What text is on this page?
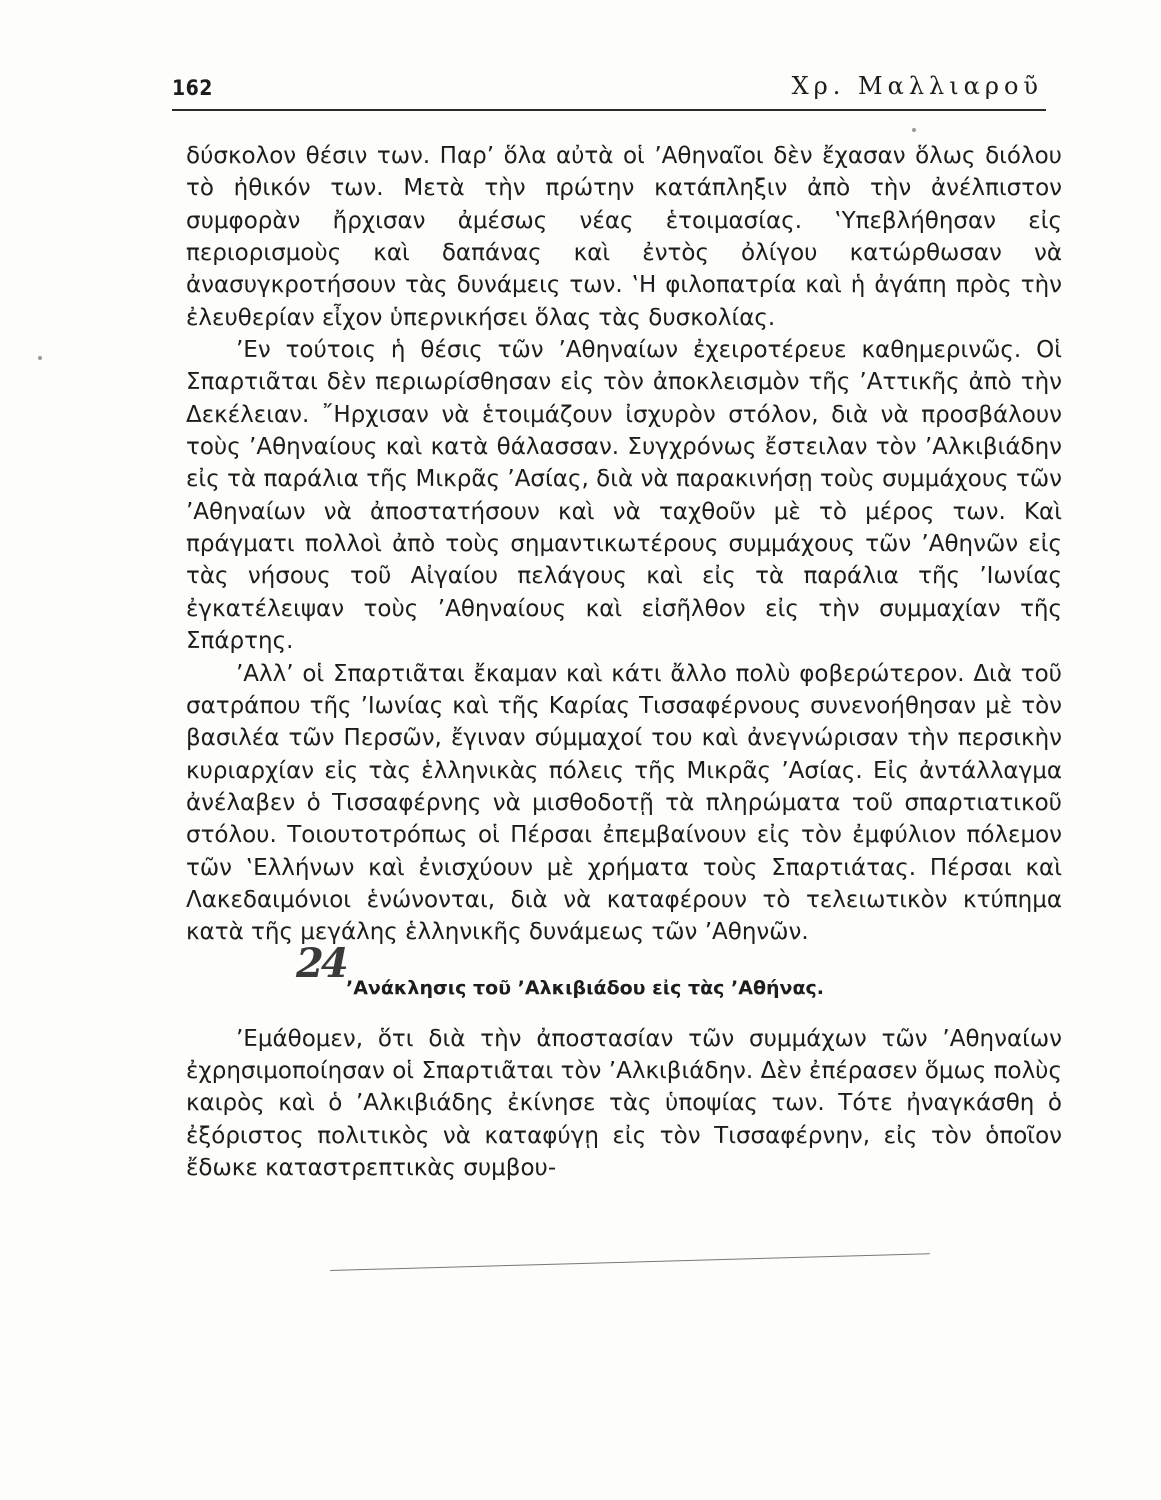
162	Χρ. Μαλλιαροῦ

δύσκολον θέσιν των. Παρ’ ὅλα αὐτὰ οἱ ’Αθηναῖοι δὲν ἔχασαν ὅλως διόλου τὸ ἠθικόν των. Μετὰ τὴν πρώτην κατάπληξιν ἀπὸ τὴν ἀνέλπιστον συμφορὰν ἤρχισαν ἀμέσως νέας ἑτοιμασίας. ‛Υπεβλήθησαν εἰς περιορισμοὺς καὶ δαπάνας καὶ ἐντὸς ὀλίγου κατώρθωσαν νὰ ἀνασυγκροτήσουν τὰς δυνάμεις των. ‛Η φιλοπατρία καὶ ἡ ἀγάπη πρὸς τὴν ἐλευθερίαν εἶχον ὑπερνικήσει ὅλας τὰς δυσκολίας.

’Εν τούτοις ἡ θέσις τῶν ’Αθηναίων ἐχειροτέρευε καθημερινῶς. Οἱ Σπαρτιᾶται δὲν περιωρίσθησαν εἰς τὸν ἀποκλεισμὸν τῆς ’Αττικῆς ἀπὸ τὴν Δεκέλειαν. ῎Ηρχισαν νὰ ἑτοιμάζουν ἰσχυρὸν στόλον, διὰ νὰ προσβάλουν τοὺς ’Αθηναίους καὶ κατὰ θάλασσαν. Συγχρόνως ἔστειλαν τὸν ’Αλκιβιάδην εἰς τὰ παράλια τῆς Μικρᾶς ’Ασίας, διὰ νὰ παρακινήσῃ τοὺς συμμάχους τῶν ’Αθηναίων νὰ ἀποστατήσουν καὶ νὰ ταχθοῦν μὲ τὸ μέρος των. Καὶ πράγματι πολλοὶ ἀπὸ τοὺς σημαντικωτέρους συμμάχους τῶν ’Αθηνῶν εἰς τὰς νήσους τοῦ Αἰγαίου πελάγους καὶ εἰς τὰ παράλια τῆς ’Ιωνίας ἐγκατέλειψαν τοὺς ’Αθηναίους καὶ εἰσῆλθον εἰς τὴν συμμαχίαν τῆς Σπάρτης.

’Αλλ’ οἱ Σπαρτιᾶται ἔκαμαν καὶ κάτι ἄλλο πολὺ φοβερώτερον. Διὰ τοῦ σατράπου τῆς ’Ιωνίας καὶ τῆς Καρίας Τισσαφέρνους συνενοήθησαν μὲ τὸν βασιλέα τῶν Περσῶν, ἔγιναν σύμμαχοί του καὶ ἀνεγνώρισαν τὴν περσικὴν κυριαρχίαν εἰς τὰς ἑλληνικὰς πόλεις τῆς Μικρᾶς ’Ασίας. Εἰς ἀντάλλαγμα ἀνέλαβεν ὁ Τισσαφέρνης νὰ μισθοδοτῇ τὰ πληρώματα τοῦ σπαρτιατικοῦ στόλου. Τοιουτοτρόπως οἱ Πέρσαι ἐπεμβαίνουν εἰς τὸν ἐμφύλιον πόλεμον τῶν ‛Ελλήνων καὶ ἐνισχύουν μὲ χρήματα τοὺς Σπαρτιάτας. Πέρσαι καὶ Λακεδαιμόνιοι ἑνώνονται, διὰ νὰ καταφέρουν τὸ τελειωτικὸν κτύπημα κατὰ τῆς μεγάλης ἑλληνικῆς δυνάμεως τῶν ’Αθηνῶν.

24
’Ανάκλησις τοῦ ’Αλκιβιάδου εἰς τὰς ’Αθήνας.

’Εμάθομεν, ὅτι διὰ τὴν ἀποστασίαν τῶν συμμάχων τῶν ’Αθηναίων ἐχρησιμοποίησαν οἱ Σπαρτιᾶται τὸν ’Αλκιβιάδην. Δὲν ἐπέρασεν ὅμως πολὺς καιρὸς καὶ ὁ ’Αλκιβιάδης ἐκίνησε τὰς ὑποψίας των. Τότε ἠναγκάσθη ὁ ἐξόριστος πολιτικὸς νὰ καταφύγῃ εἰς τὸν Τισσαφέρνην, εἰς τὸν ὁποῖον ἔδωκε καταστρεπτικὰς συμβου-
